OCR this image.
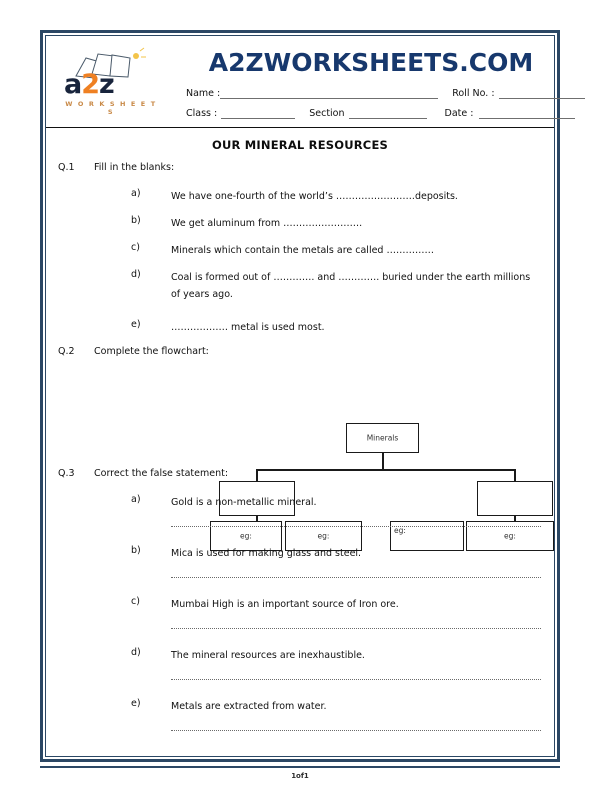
a2z
W O R K S H E E T S
A2ZWORKSHEETS.COM
Name :	Roll No. :
Class :	Section	Date :
OUR MINERAL RESOURCES
Q.1 Fill in the blanks:
a)	We have one-fourth of the world’s …………………….deposits.
b)	We get aluminum from …………………….
c)	Minerals which contain the metals are called ……………
d)	Coal is formed out of …………. and …………. buried under the earth millions of years ago.
e)	……………… metal is used most.
Q.2 Complete the flowchart:
Minerals
eg:	eg:
eg:
eg:
Q.3 Correct the false statement:
a)	Gold is a non-metallic mineral.
b)	Mica is used for making glass and steel.
c)	Mumbai High is an important source of Iron ore.
d)	The mineral resources are inexhaustible.
e)	Metals are extracted from water.
1of1
